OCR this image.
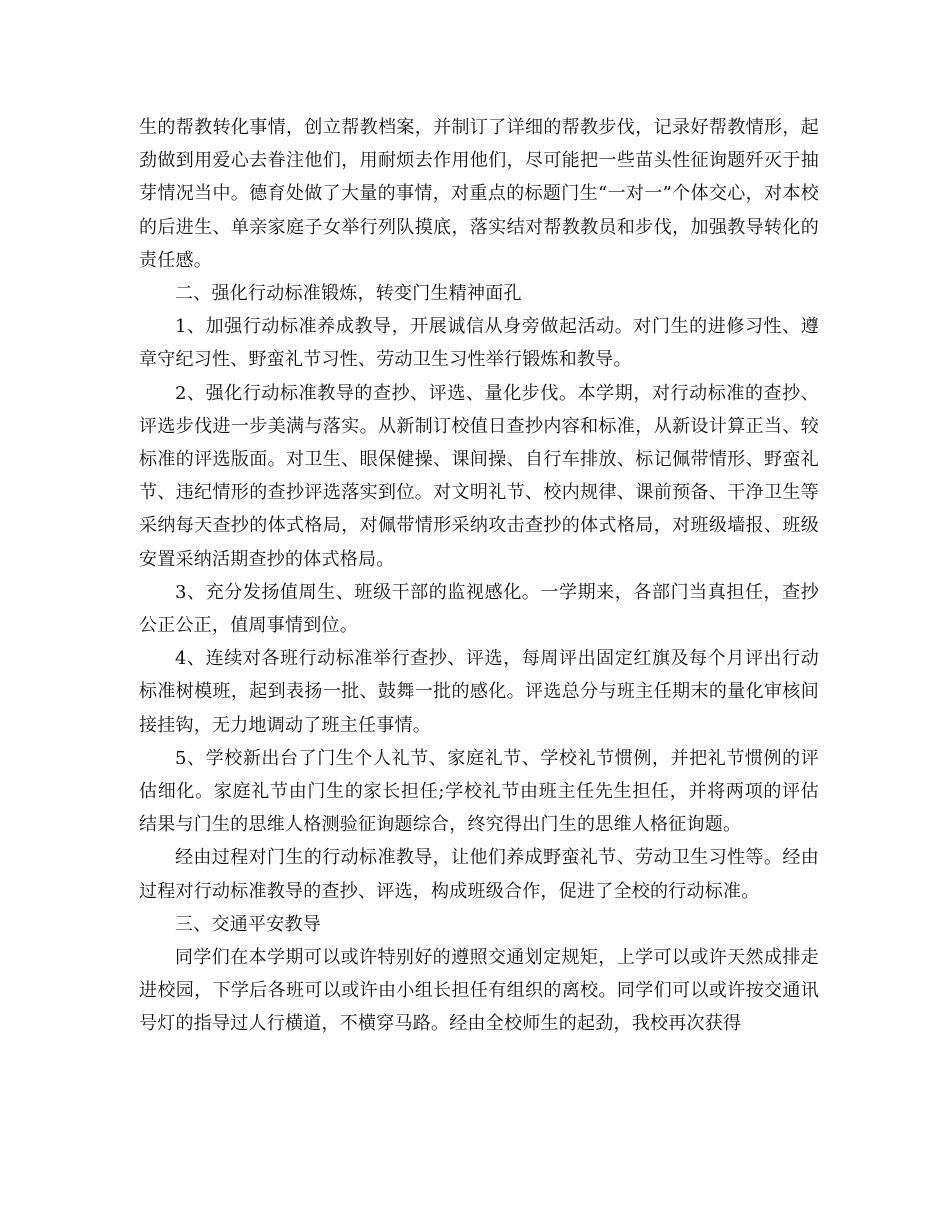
生的帮教转化事情，创立帮教档案，并制订了详细的帮教步伐，记录好帮教情形，起劲做到用爱心去眷注他们，用耐烦去作用他们，尽可能把一些苗头性征询题歼灭于抽芽情况当中。德育处做了大量的事情，对重点的标题门生“一对一”个体交心，对本校的后进生、单亲家庭子女举行列队摸底，落实结对帮教教员和步伐，加强教导转化的责任感。

二、强化行动标准锻炼，转变门生精神面孔

1、加强行动标准养成教导，开展诚信从身旁做起活动。对门生的进修习性、遵章守纪习性、野蛮礼节习性、劳动卫生习性举行锻炼和教导。

2、强化行动标准教导的查抄、评选、量化步伐。本学期，对行动标准的查抄、评选步伐进一步美满与落实。从新制订校值日查抄内容和标准，从新设计算正当、较标准的评选版面。对卫生、眼保健操、课间操、自行车排放、标记佩带情形、野蛮礼节、违纪情形的查抄评选落实到位。对文明礼节、校内规律、课前预备、干净卫生等采纳每天查抄的体式格局，对佩带情形采纳攻击查抄的体式格局，对班级墙报、班级安置采纳活期查抄的体式格局。

3、充分发扬值周生、班级干部的监视感化。一学期来，各部门当真担任，查抄公正公正，值周事情到位。

4、连续对各班行动标准举行查抄、评选，每周评出固定红旗及每个月评出行动标准树模班，起到表扬一批、鼓舞一批的感化。评选总分与班主任期末的量化审核间接挂钩，无力地调动了班主任事情。

5、学校新出台了门生个人礼节、家庭礼节、学校礼节惯例，并把礼节惯例的评估细化。家庭礼节由门生的家长担任;学校礼节由班主任先生担任，并将两项的评估结果与门生的思维人格测验征询题综合，终究得出门生的思维人格征询题。

经由过程对门生的行动标准教导，让他们养成野蛮礼节、劳动卫生习性等。经由过程对行动标准教导的查抄、评选，构成班级合作，促进了全校的行动标准。

三、交通平安教导

同学们在本学期可以或许特别好的遵照交通划定规矩，上学可以或许天然成排走进校园，下学后各班可以或许由小组长担任有组织的离校。同学们可以或许按交通讯号灯的指导过人行横道，不横穿马路。经由全校师生的起劲，我校再次获得
